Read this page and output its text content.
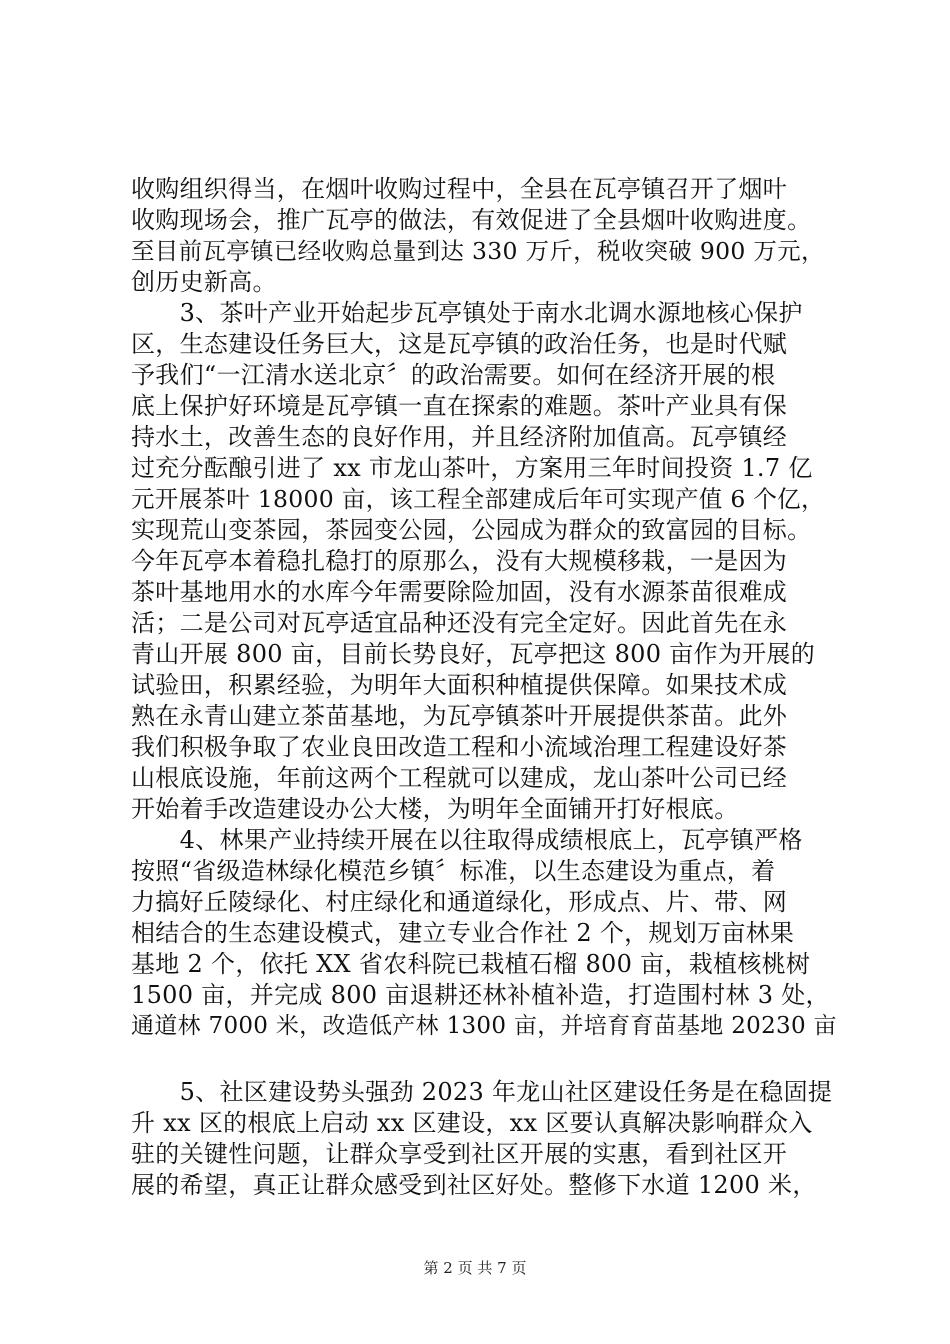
收购组织得当，在烟叶收购过程中，全县在瓦亭镇召开了烟叶
收购现场会，推广瓦亭的做法，有效促进了全县烟叶收购进度。
至目前瓦亭镇已经收购总量到达 330 万斤，税收突破 900 万元，
创历史新高。
　　3、茶叶产业开始起步瓦亭镇处于南水北调水源地核心保护
区，生态建设任务巨大，这是瓦亭镇的政治任务，也是时代赋
予我们“一江清水送北京〞的政治需要。如何在经济开展的根
底上保护好环境是瓦亭镇一直在探索的难题。茶叶产业具有保
持水土，改善生态的良好作用，并且经济附加值高。瓦亭镇经
过充分酝酿引进了 xx 市龙山茶叶，方案用三年时间投资 1.7 亿
元开展茶叶 18000 亩，该工程全部建成后年可实现产值 6 个亿，
实现荒山变茶园，茶园变公园，公园成为群众的致富园的目标。
今年瓦亭本着稳扎稳打的原那么，没有大规模移栽，一是因为
茶叶基地用水的水库今年需要除险加固，没有水源茶苗很难成
活；二是公司对瓦亭适宜品种还没有完全定好。因此首先在永
青山开展 800 亩，目前长势良好，瓦亭把这 800 亩作为开展的
试验田，积累经验，为明年大面积种植提供保障。如果技术成
熟在永青山建立茶苗基地，为瓦亭镇茶叶开展提供茶苗。此外
我们积极争取了农业良田改造工程和小流域治理工程建设好茶
山根底设施，年前这两个工程就可以建成，龙山茶叶公司已经
开始着手改造建设办公大楼，为明年全面铺开打好根底。
　　4、林果产业持续开展在以往取得成绩根底上，瓦亭镇严格
按照“省级造林绿化模范乡镇〞标准，以生态建设为重点，着
力搞好丘陵绿化、村庄绿化和通道绿化，形成点、片、带、网
相结合的生态建设模式，建立专业合作社 2 个，规划万亩林果
基地 2 个，依托 XX 省农科院已栽植石榴 800 亩，栽植核桃树
1500 亩，并完成 800 亩退耕还林补植补造，打造围村林 3 处，
通道林 7000 米，改造低产林 1300 亩，并培育育苗基地 20230 亩
　　5、社区建设势头强劲 2023 年龙山社区建设任务是在稳固提
升 xx 区的根底上启动 xx 区建设，xx 区要认真解决影响群众入
驻的关键性问题，让群众享受到社区开展的实惠，看到社区开
展的希望，真正让群众感受到社区好处。整修下水道 1200 米，
第 2 页 共 7 页
